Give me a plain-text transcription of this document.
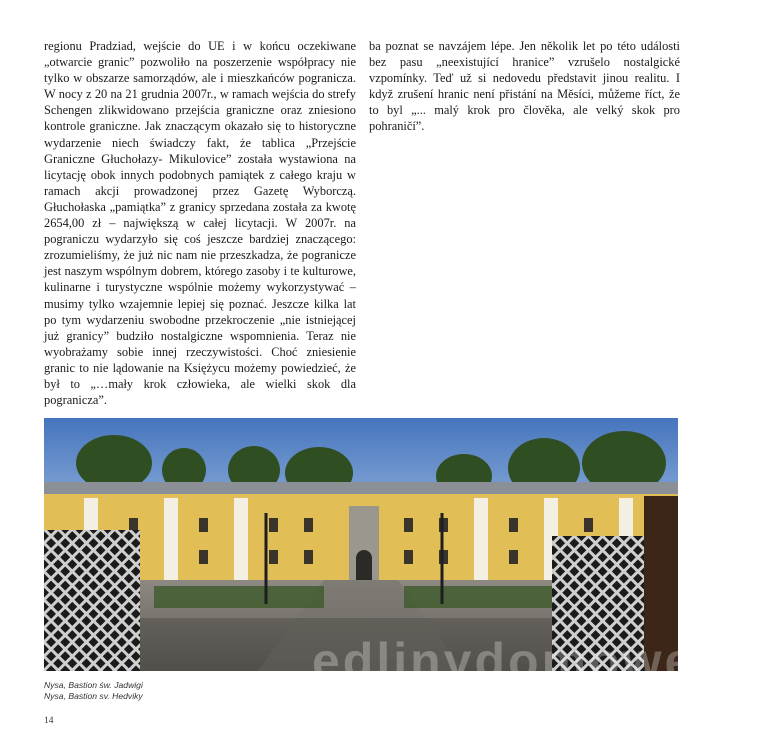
regionu Pradziad, wejście do UE i w końcu oczekiwane „otwarcie granic” pozwoliło na poszerzenie współpracy nie tylko w obszarze samorządów, ale i mieszkańców pogranicza. W nocy z 20 na 21 grudnia 2007r., w ramach wejścia do strefy Schengen zlikwidowano przejścia graniczne oraz zniesiono kontrole graniczne. Jak znaczącym okazało się to historyczne wydarzenie niech świadczy fakt, że tablica „Przejście Graniczne Głuchołazy- Mikulovice” została wystawiona na licytację obok innych podobnych pamiątek z całego kraju w ramach akcji prowadzonej przez Gazetę Wyborczą. Głuchołaska „pamiątka” z granicy sprzedana została za kwotę 2654,00 zł – największą w całej licytacji. W 2007r. na pograniczu wydarzyło się coś jeszcze bardziej znaczącego: zrozumieliśmy, że już nic nam nie przeszkadza, że pogranicze jest naszym wspólnym dobrem, którego zasoby i te kulturowe, kulinarne i turystyczne wspólnie możemy wykorzystywać – musimy tylko wzajemnie lepiej się poznać. Jeszcze kilka lat po tym wydarzeniu swobodne przekroczenie „nie istniejącej już granicy” budziło nostalgiczne wspomnienia. Teraz nie wyobrażamy sobie innej rzeczywistości. Choć zniesienie granic to nie lądowanie na Księżycu możemy powiedzieć, że był to „…mały krok człowieka, ale wielki skok dla pogranicza”.

ba poznat se navzájem lépe. Jen několik let po této události bez pasu „neexistující hranice” vzrušelo nostalgické vzpomínky. Teď už si nedovedu představit jinou realitu. I když zrušení hranic není přistání na Měsíci, můžeme říct, že to byl „... malý krok pro člověka, ale velký skok pro pohraničí”.

edlinydomowe.pl
Nysa, Bastion św. Jadwigi
Nysa, Bastion sv. Hedviky
14
